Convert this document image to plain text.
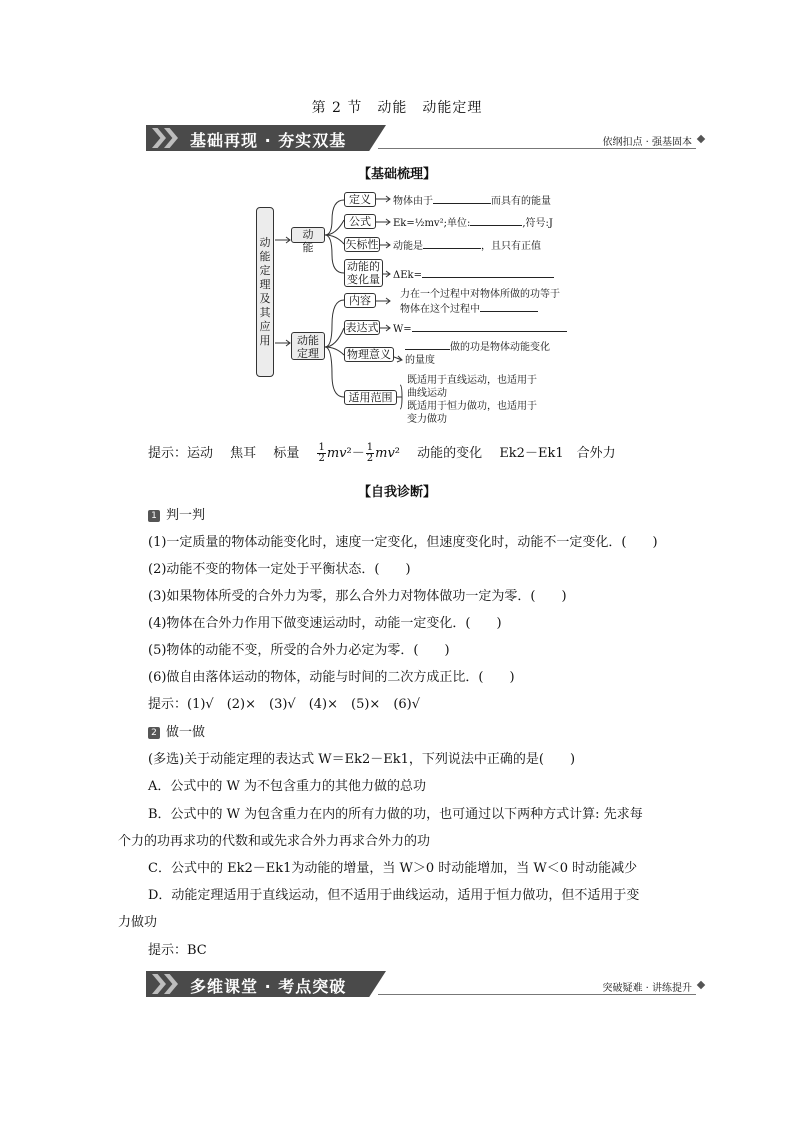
第 2 节　动能　动能定理
基础再现 · 夯实双基	依纲扣点 · 强基固本
【基础梳理】
动能定理及其应用
动　能
动能定理
定义
公式
矢标性
动能的变化量
内容
表达式
物理意义
适用范围
物体由于	而具有的能量
Ek=½mv²;单位:	,符号:J
动能是	，且只有正值
ΔEk=
力在一个过程中对物体所做的功等于
物体在这个过程中
W=
做的功是物体动能变化
的量度
既适用于直线运动，也适用于
曲线运动
既适用于恒力做功，也适用于
变力做功
提示：运动　 焦耳　 标量　 $\frac{1}{2} mv^2- \frac{1}{2} mv^2$　 动能的变化　 Ek2－Ek1　 合外力
【自我诊断】
1 判一判
(1)一定质量的物体动能变化时，速度一定变化，但速度变化时，动能不一定变化．(　　)
(2)动能不变的物体一定处于平衡状态．(　　)
(3)如果物体所受的合外力为零，那么合外力对物体做功一定为零．(　　)
(4)物体在合外力作用下做变速运动时，动能一定变化．(　　)
(5)物体的动能不变，所受的合外力必定为零．(　　)
(6)做自由落体运动的物体，动能与时间的二次方成正比．(　　)
提示：(1)√　(2)×　(3)√　(4)×　(5)×　(6)√
2 做一做
(多选)关于动能定理的表达式 W＝Ek2－Ek1，下列说法中正确的是(　　)
A．公式中的 W 为不包含重力的其他力做的总功
B．公式中的 W 为包含重力在内的所有力做的功，也可通过以下两种方式计算: 先求每
个力的功再求功的代数和或先求合外力再求合外力的功
C．公式中的 Ek2－Ek1为动能的增量，当 W＞0 时动能增加，当 W＜0 时动能减少
D．动能定理适用于直线运动，但不适用于曲线运动，适用于恒力做功，但不适用于变
力做功
提示：BC
多维课堂 · 考点突破	突破疑难 · 讲练提升
